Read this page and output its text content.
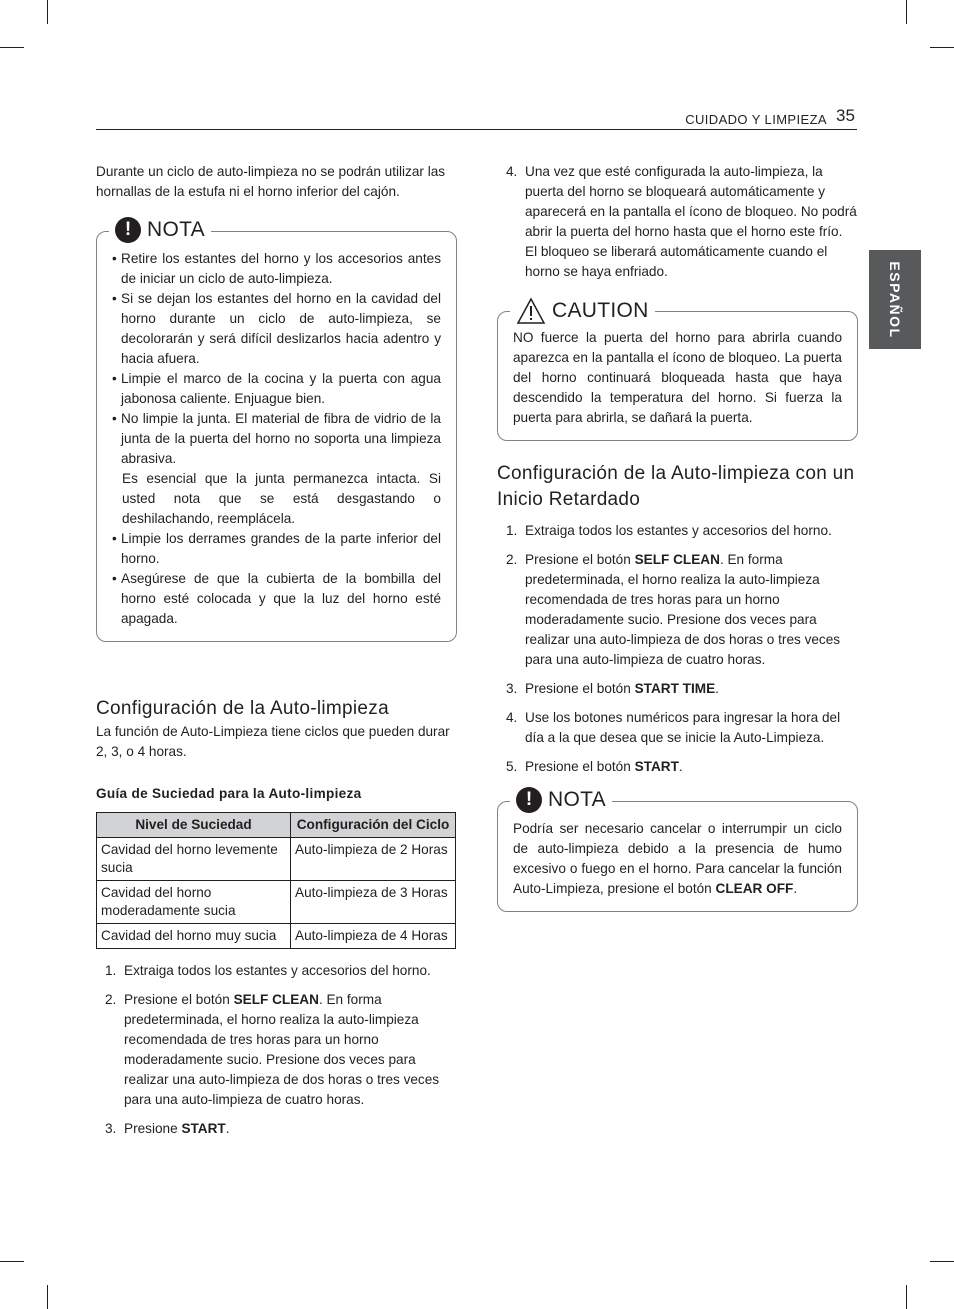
CUIDADO Y LIMPIEZA 35
ESPAÑOL

Durante un ciclo de auto-limpieza no se podrán utilizar las hornallas de la estufa ni el horno inferior del cajón.

! NOTA
• Retire los estantes del horno y los accesorios antes de iniciar un ciclo de auto-limpieza.
• Si se dejan los estantes del horno en la cavidad del horno durante un ciclo de auto-limpieza, se decolorarán y será difícil deslizarlos hacia adentro y hacia afuera.
• Limpie el marco de la cocina y la puerta con agua jabonosa caliente. Enjuague bien.
• No limpie la junta. El material de fibra de vidrio de la junta de la puerta del horno no soporta una limpieza abrasiva.

Es esencial que la junta permanezca intacta. Si usted nota que se está desgastando o deshilachando, reemplácela.

• Limpie los derrames grandes de la parte inferior del horno.
• Asegúrese de que la cubierta de la bombilla del horno esté colocada y que la luz del horno esté apagada.
Configuración de la Auto-limpieza

La función de Auto-Limpieza tiene ciclos que pueden durar 2, 3, o 4 horas.

Guía de Suciedad para la Auto-limpieza
Nivel de Suciedad	Configuración del Ciclo
Cavidad del horno levemente sucia	Auto-limpieza de 2 Horas
Cavidad del horno moderadamente sucia	Auto-limpieza de 3 Horas
Cavidad del horno muy sucia	Auto-limpieza de 4 Horas
1. Extraiga todos los estantes y accesorios del horno.
2. Presione el botón SELF CLEAN. En forma predeterminada, el horno realiza la auto-limpieza recomendada de tres horas para un horno moderadamente sucio. Presione dos veces para realizar una auto-limpieza de dos horas o tres veces para una auto-limpieza de cuatro horas.
3. Presione START.
4. Una vez que esté configurada la auto-limpieza, la puerta del horno se bloqueará automáticamente y aparecerá en la pantalla el ícono de bloqueo. No podrá abrir la puerta del horno hasta que el horno este frío. El bloqueo se liberará automáticamente cuando el horno se haya enfriado.
CAUTION

NO fuerce la puerta del horno para abrirla cuando aparezca en la pantalla el ícono de bloqueo. La puerta del horno continuará bloqueada hasta que haya descendido la temperatura del horno. Si fuerza la puerta para abrirla, se dañará la puerta.

Configuración de la Auto-limpieza con un Inicio Retardado
1. Extraiga todos los estantes y accesorios del horno.
2. Presione el botón SELF CLEAN. En forma predeterminada, el horno realiza la auto-limpieza recomendada de tres horas para un horno moderadamente sucio. Presione dos veces para realizar una auto-limpieza de dos horas o tres veces para una auto-limpieza de cuatro horas.
3. Presione el botón START TIME.
4. Use los botones numéricos para ingresar la hora del día a la que desea que se inicie la Auto-Limpieza.
5. Presione el botón START.
! NOTA

Podría ser necesario cancelar o interrumpir un ciclo de auto-limpieza debido a la presencia de humo excesivo o fuego en el horno. Para cancelar la función Auto-Limpieza, presione el botón CLEAR OFF.
